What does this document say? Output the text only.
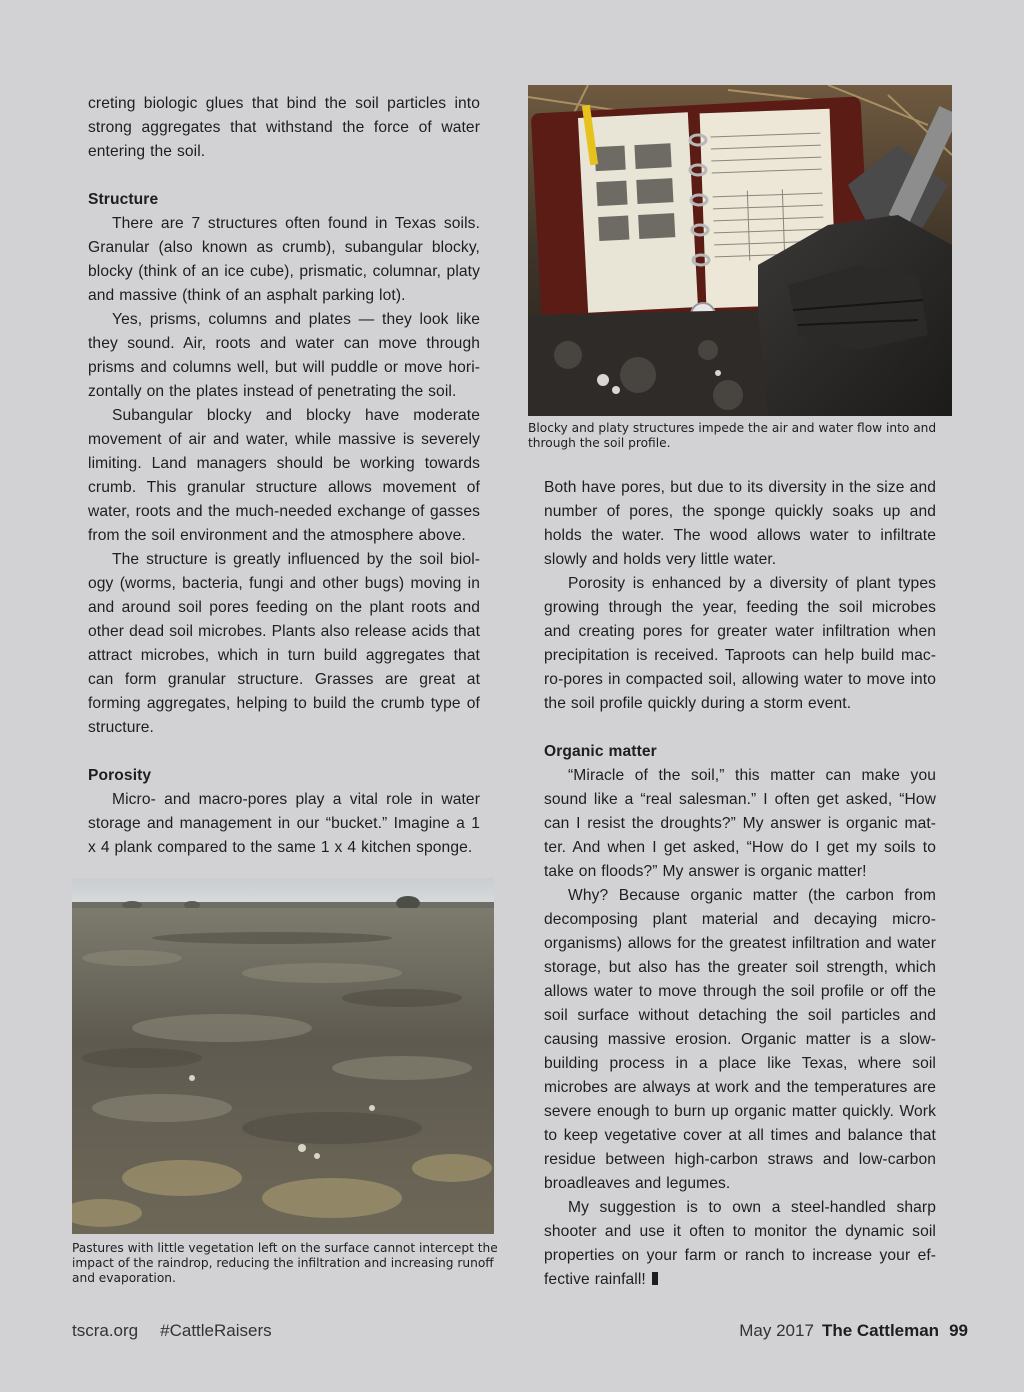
creting biologic glues that bind the soil particles into strong aggregates that withstand the force of water entering the soil.

Structure

There are 7 structures often found in Texas soils. Granular (also known as crumb), subangular blocky, blocky (think of an ice cube), prismatic, columnar, platy and massive (think of an asphalt parking lot).

Yes, prisms, columns and plates — they look like they sound. Air, roots and water can move through prisms and columns well, but will puddle or move horizontally on the plates instead of penetrating the soil.

Subangular blocky and blocky have moderate movement of air and water, while massive is severely limiting. Land managers should be working towards crumb. This granular structure allows movement of water, roots and the much-needed exchange of gasses from the soil environment and the atmosphere above.

The structure is greatly influenced by the soil biology (worms, bacteria, fungi and other bugs) moving in and around soil pores feeding on the plant roots and other dead soil microbes. Plants also release acids that attract microbes, which in turn build aggregates that can form granular structure. Grasses are great at forming aggregates, helping to build the crumb type of structure.

Porosity

Micro- and macro-pores play a vital role in water storage and management in our “bucket.” Imagine a 1 x 4 plank compared to the same 1 x 4 kitchen sponge.

Blocky and platy structures impede the air and water flow into and through the soil profile.

Both have pores, but due to its diversity in the size and number of pores, the sponge quickly soaks up and holds the water. The wood allows water to infiltrate slowly and holds very little water.

Porosity is enhanced by a diversity of plant types growing through the year, feeding the soil microbes and creating pores for greater water infiltration when precipitation is received. Taproots can help build macro-pores in compacted soil, allowing water to move into the soil profile quickly during a storm event.

Organic matter

“Miracle of the soil,” this matter can make you sound like a “real salesman.” I often get asked, “How can I resist the droughts?” My answer is organic matter. And when I get asked, “How do I get my soils to take on floods?” My answer is organic matter!

Why? Because organic matter (the carbon from decomposing plant material and decaying micro-organisms) allows for the greatest infiltration and water storage, but also has the greater soil strength, which allows water to move through the soil profile or off the soil surface without detaching the soil particles and causing massive erosion. Organic matter is a slow-building process in a place like Texas, where soil microbes are always at work and the temperatures are severe enough to burn up organic matter quickly. Work to keep vegetative cover at all times and balance that residue between high-carbon straws and low-carbon broadleaves and legumes.

My suggestion is to own a steel-handled sharp shooter and use it often to monitor the dynamic soil properties on your farm or ranch to increase your effective rainfall!

Pastures with little vegetation left on the surface cannot intercept the impact of the raindrop, reducing the infiltration and increasing runoff and evaporation.
tscra.org #CattleRaisers	May 2017 The Cattleman 99
